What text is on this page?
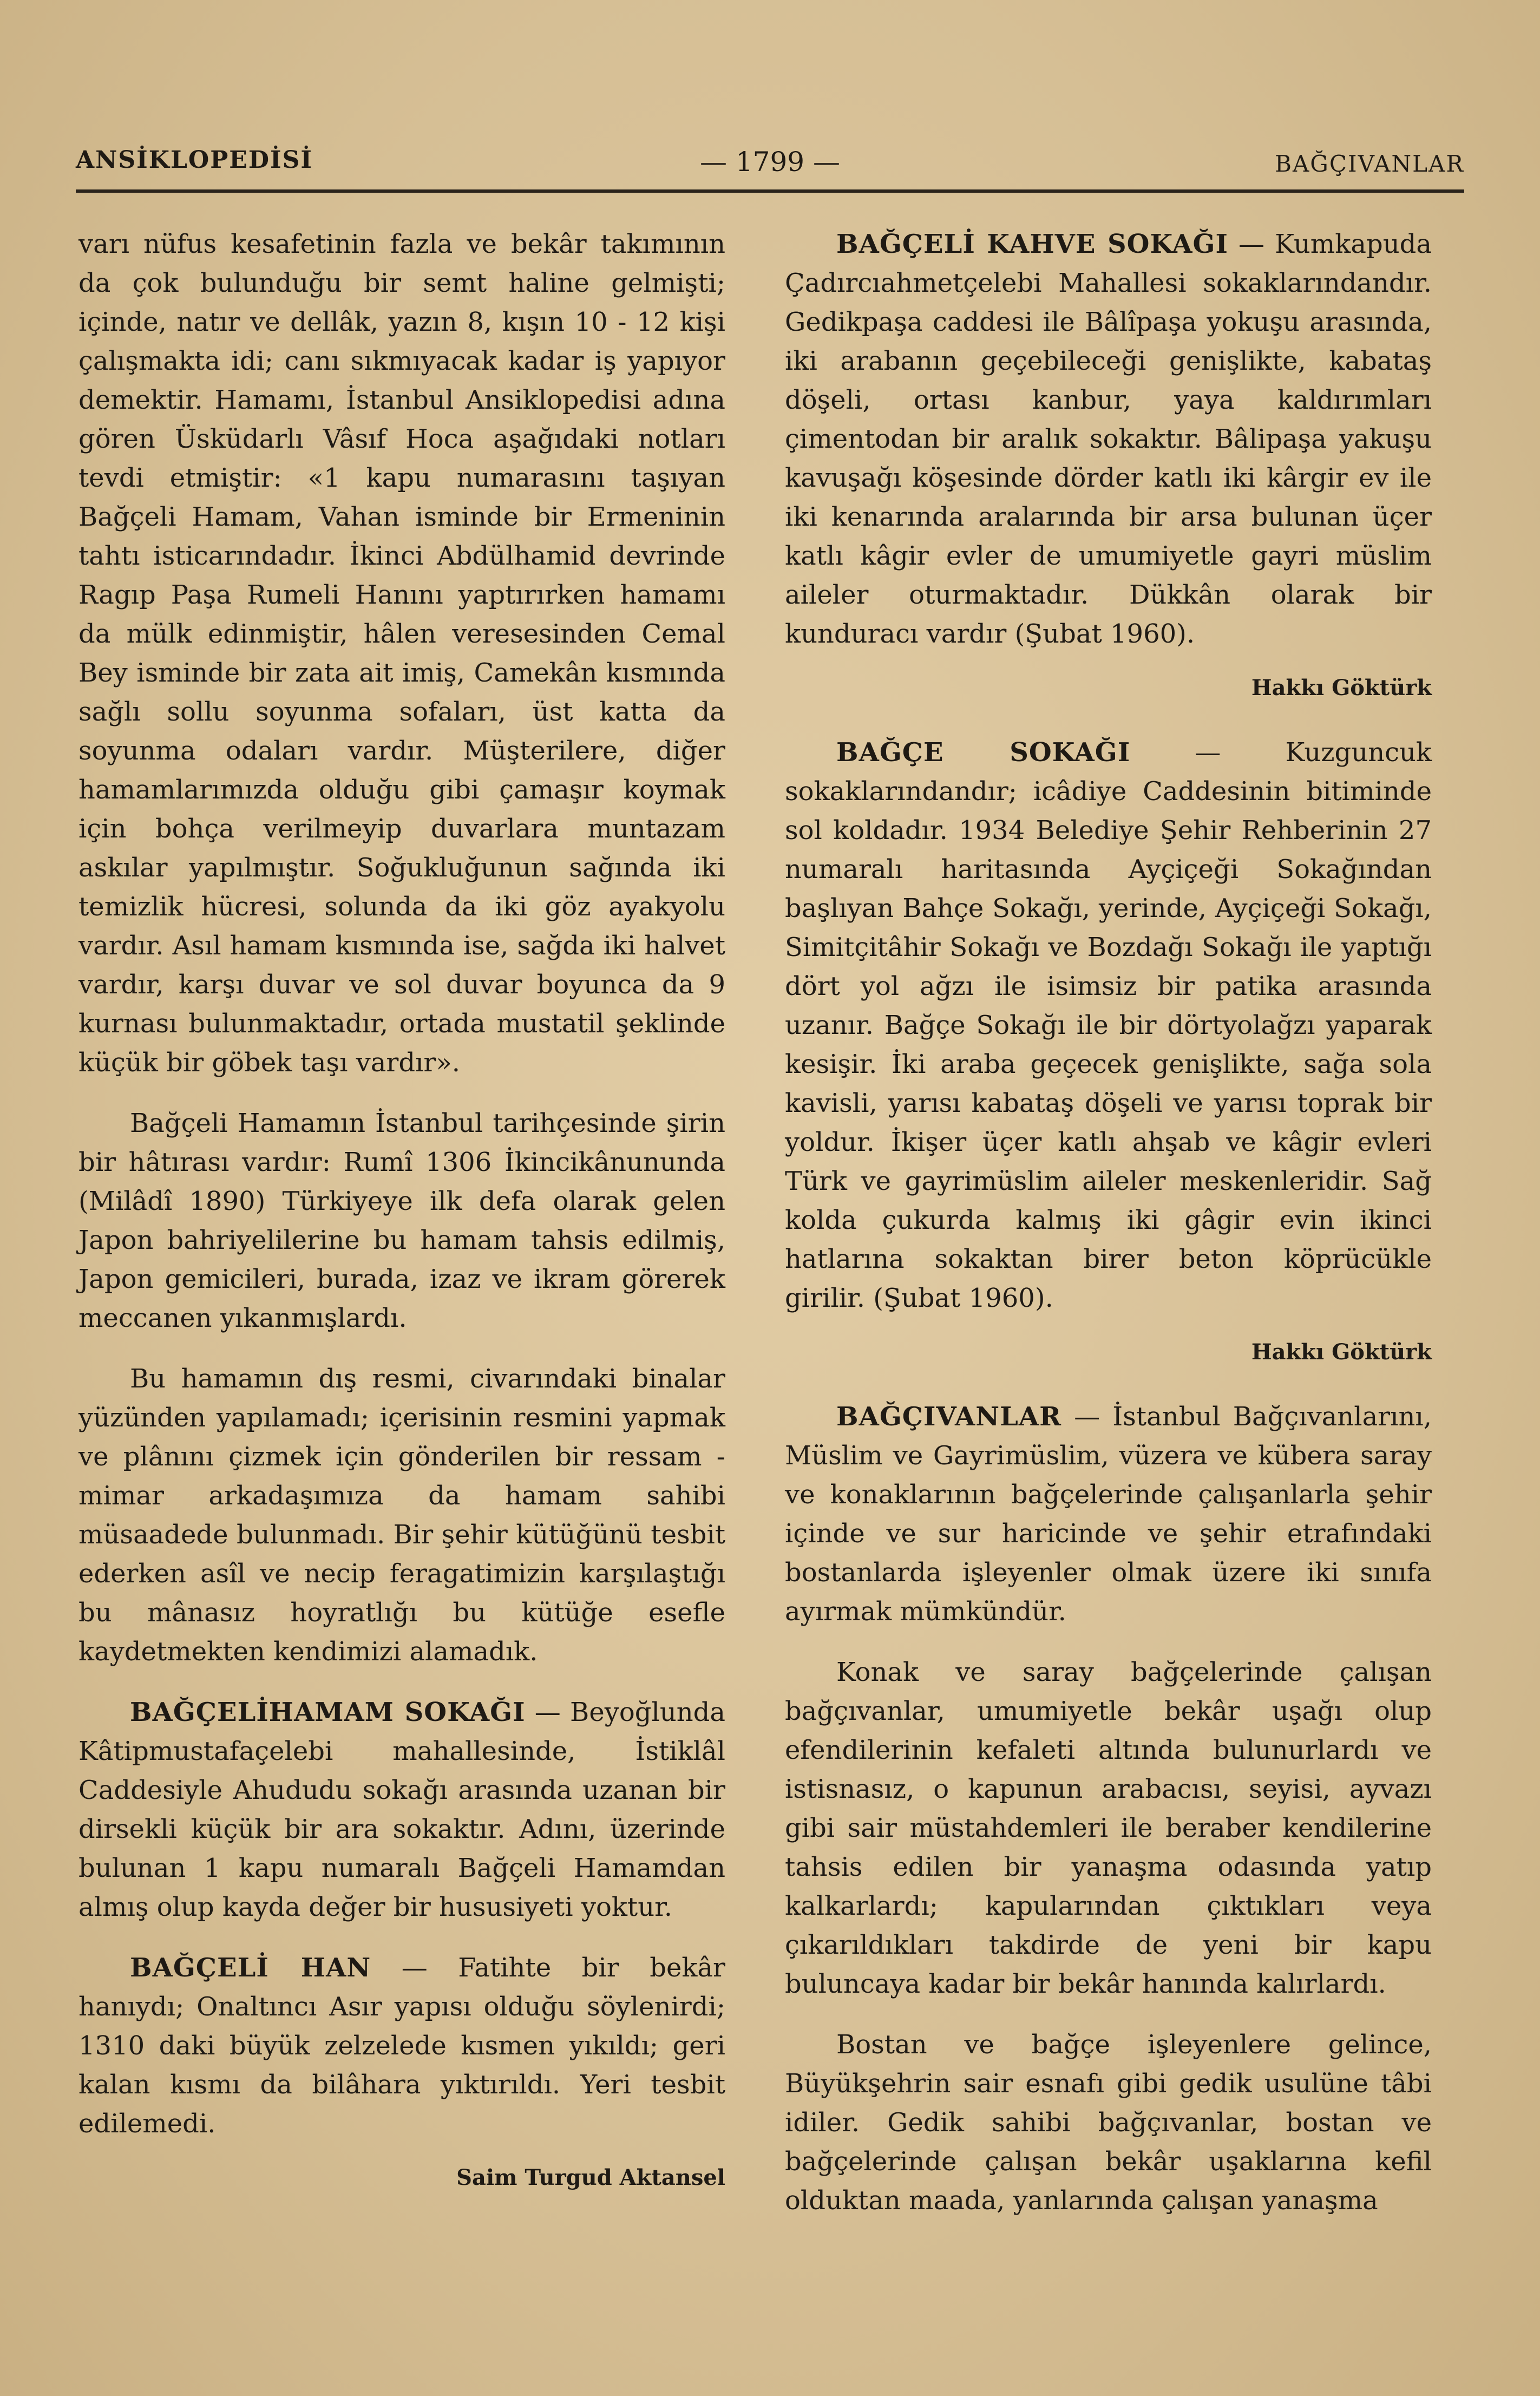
ANSİKLOPEDİSİ	— 1799 —	BAĞÇIVANLAR

varı nüfus kesafetinin fazla ve bekâr takımının da çok bulunduğu bir semt haline gelmişti; içinde, natır ve dellâk, yazın 8, kışın 10 - 12 kişi çalışmakta idi; canı sıkmıyacak kadar iş yapıyor demektir. Hamamı, İstanbul Ansiklopedisi adına gören Üsküdarlı Vâsıf Hoca aşağıdaki notları tevdi etmiştir: «1 kapu numarasını taşıyan Bağçeli Hamam, Vahan isminde bir Ermeninin tahtı isticarındadır. İkinci Abdülhamid devrinde Ragıp Paşa Rumeli Hanını yaptırırken hamamı da mülk edinmiştir, hâlen veresesinden Cemal Bey isminde bir zata ait imiş, Camekân kısmında sağlı sollu soyunma sofaları, üst katta da soyunma odaları vardır. Müşterilere, diğer hamamlarımızda olduğu gibi çamaşır koymak için bohça verilmeyip duvarlara muntazam askılar yapılmıştır. Soğukluğunun sağında iki temizlik hücresi, solunda da iki göz ayakyolu vardır. Asıl hamam kısmında ise, sağda iki halvet vardır, karşı duvar ve sol duvar boyunca da 9 kurnası bulunmaktadır, ortada mustatil şeklinde küçük bir göbek taşı vardır».

Bağçeli Hamamın İstanbul tarihçesinde şirin bir hâtırası vardır: Rumî 1306 İkincikânununda (Milâdî 1890) Türkiyeye ilk defa olarak gelen Japon bahriyelilerine bu hamam tahsis edilmiş, Japon gemicileri, burada, izaz ve ikram görerek meccanen yıkanmışlardı.

Bu hamamın dış resmi, civarındaki binalar yüzünden yapılamadı; içerisinin resmini yapmak ve plânını çizmek için gönderilen bir ressam - mimar arkadaşımıza da hamam sahibi müsaadede bulunmadı. Bir şehir kütüğünü tesbit ederken asîl ve necip feragatimizin karşılaştığı bu mânasız hoyratlığı bu kütüğe esefle kaydetmekten kendimizi alamadık.

BAĞÇELİHAMAM SOKAĞI — Beyoğlunda Kâtipmustafaçelebi mahallesinde, İstiklâl Caddesiyle Ahududu sokağı arasında uzanan bir dirsekli küçük bir ara sokaktır. Adını, üzerinde bulunan 1 kapu numaralı Bağçeli Hamamdan almış olup kayda değer bir hususiyeti yoktur.

BAĞÇELİ HAN — Fatihte bir bekâr hanıydı; Onaltıncı Asır yapısı olduğu söylenirdi; 1310 daki büyük zelzelede kısmen yıkıldı; geri kalan kısmı da bilâhara yıktırıldı. Yeri tesbit edilemedi.

Saim Turgud Aktansel

BAĞÇELİ KAHVE SOKAĞI — Kumkapuda Çadırcıahmetçelebi Mahallesi sokaklarındandır. Gedikpaşa caddesi ile Bâlîpaşa yokuşu arasında, iki arabanın geçebileceği genişlikte, kabataş döşeli, ortası kanbur, yaya kaldırımları çimentodan bir aralık sokaktır. Bâlipaşa yakuşu kavuşağı köşesinde dörder katlı iki kârgir ev ile iki kenarında aralarında bir arsa bulunan üçer katlı kâgir evler de umumiyetle gayri müslim aileler oturmaktadır. Dükkân olarak bir kunduracı vardır (Şubat 1960).

Hakkı Göktürk

BAĞÇE SOKAĞI — Kuzguncuk sokaklarındandır; icâdiye Caddesinin bitiminde sol koldadır. 1934 Belediye Şehir Rehberinin 27 numaralı haritasında Ayçiçeği Sokağından başlıyan Bahçe Sokağı, yerinde, Ayçiçeği Sokağı, Simitçitâhir Sokağı ve Bozdağı Sokağı ile yaptığı dört yol ağzı ile isimsiz bir patika arasında uzanır. Bağçe Sokağı ile bir dörtyolağzı yaparak kesişir. İki araba geçecek genişlikte, sağa sola kavisli, yarısı kabataş döşeli ve yarısı toprak bir yoldur. İkişer üçer katlı ahşab ve kâgir evleri Türk ve gayrimüslim aileler meskenleridir. Sağ kolda çukurda kalmış iki gâgir evin ikinci hatlarına sokaktan birer beton köprücükle girilir. (Şubat 1960).

Hakkı Göktürk

BAĞÇIVANLAR — İstanbul Bağçıvanlarını, Müslim ve Gayrimüslim, vüzera ve kübera saray ve konaklarının bağçelerinde çalışanlarla şehir içinde ve sur haricinde ve şehir etrafındaki bostanlarda işleyenler olmak üzere iki sınıfa ayırmak mümkündür.

Konak ve saray bağçelerinde çalışan bağçıvanlar, umumiyetle bekâr uşağı olup efendilerinin kefaleti altında bulunurlardı ve istisnasız, o kapunun arabacısı, seyisi, ayvazı gibi sair müstahdemleri ile beraber kendilerine tahsis edilen bir yanaşma odasında yatıp kalkarlardı; kapularından çıktıkları veya çıkarıldıkları takdirde de yeni bir kapu buluncaya kadar bir bekâr hanında kalırlardı.

Bostan ve bağçe işleyenlere gelince, Büyükşehrin sair esnafı gibi gedik usulüne tâbi idiler. Gedik sahibi bağçıvanlar, bostan ve bağçelerinde çalışan bekâr uşaklarına kefil olduktan maada, yanlarında çalışan yanaşma
